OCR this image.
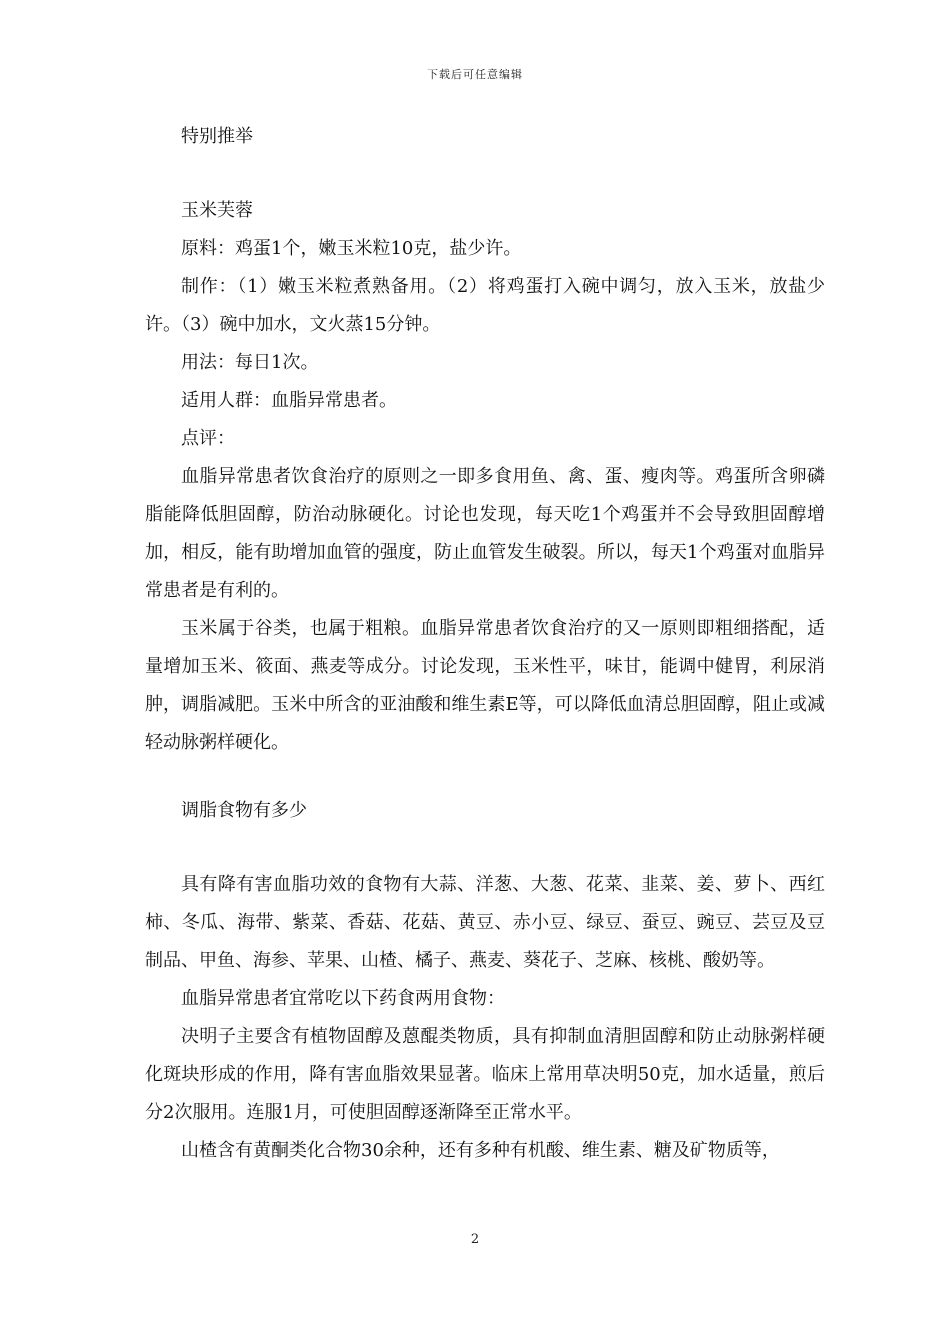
下载后可任意编辑

特别推举

玉米芙蓉

原料：鸡蛋1个，嫩玉米粒10克，盐少许。

制作：（1）嫩玉米粒煮熟备用。（2）将鸡蛋打入碗中调匀，放入玉米，放盐少许。（3）碗中加水，文火蒸15分钟。

用法：每日1次。

适用人群：血脂异常患者。

点评：

血脂异常患者饮食治疗的原则之一即多食用鱼、禽、蛋、瘦肉等。鸡蛋所含卵磷脂能降低胆固醇，防治动脉硬化。讨论也发现，每天吃1个鸡蛋并不会导致胆固醇增加，相反，能有助增加血管的强度，防止血管发生破裂。所以，每天1个鸡蛋对血脂异常患者是有利的。

玉米属于谷类，也属于粗粮。血脂异常患者饮食治疗的又一原则即粗细搭配，适量增加玉米、筱面、燕麦等成分。讨论发现，玉米性平，味甘，能调中健胃，利尿消肿，调脂减肥。玉米中所含的亚油酸和维生素E等，可以降低血清总胆固醇，阻止或减轻动脉粥样硬化。

调脂食物有多少

具有降有害血脂功效的食物有大蒜、洋葱、大葱、花菜、韭菜、姜、萝卜、西红柿、冬瓜、海带、紫菜、香菇、花菇、黄豆、赤小豆、绿豆、蚕豆、豌豆、芸豆及豆制品、甲鱼、海参、苹果、山楂、橘子、燕麦、葵花子、芝麻、核桃、酸奶等。

血脂异常患者宜常吃以下药食两用食物：

决明子主要含有植物固醇及蒽醌类物质，具有抑制血清胆固醇和防止动脉粥样硬化斑块形成的作用，降有害血脂效果显著。临床上常用草决明50克，加水适量，煎后分2次服用。连服1月，可使胆固醇逐渐降至正常水平。

山楂含有黄酮类化合物30余种，还有多种有机酸、维生素、糖及矿物质等，

2
